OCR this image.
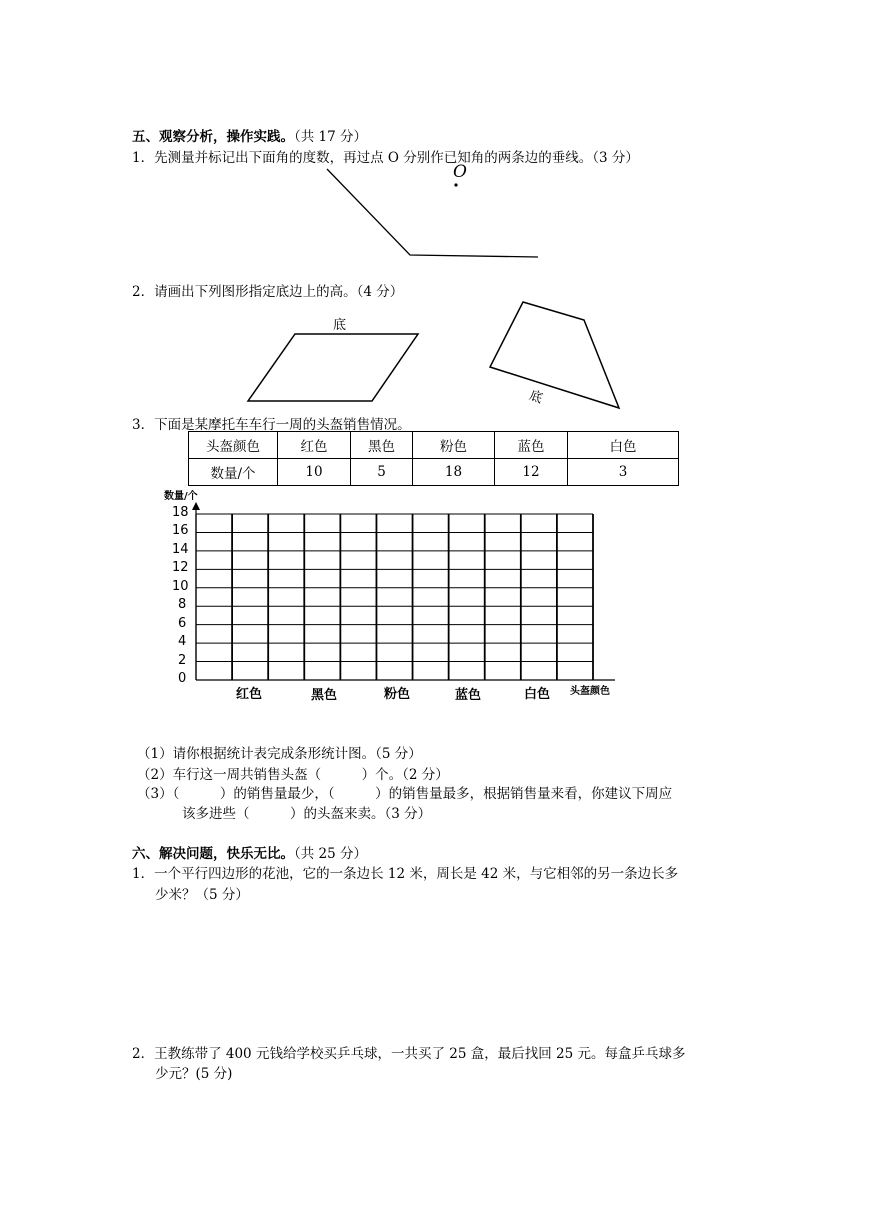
五、观察分析，操作实践。（共 17 分）
1．先测量并标记出下面角的度数，再过点 O 分别作已知角的两条边的垂线。（3 分）
O
2．请画出下列图形指定底边上的高。（4 分）
底
底
3．下面是某摩托车车行一周的头盔销售情况。
头盔颜色	红色	黑色	粉色	蓝色	白色
数量/个	10	5	18	12	3
数量/个
头盔颜色
18
16
14
12
10
8
6
4
2
0
红色	黑色	粉色	蓝色	白色
（1）请你根据统计表完成条形统计图。（5 分）
（2）车行这一周共销售头盔（　　　）个。（2 分）
（3）（　　　）的销售量最少，（　　　）的销售量最多，根据销售量来看，你建议下周应
该多进些（　　　）的头盔来卖。（3 分）
六、解决问题，快乐无比。（共 25 分）
1．一个平行四边形的花池，它的一条边长 12 米，周长是 42 米，与它相邻的另一条边长多
少米？（5 分）
2．王教练带了 400 元钱给学校买乒乓球，一共买了 25 盒，最后找回 25 元。每盒乒乓球多
少元？(5 分)
